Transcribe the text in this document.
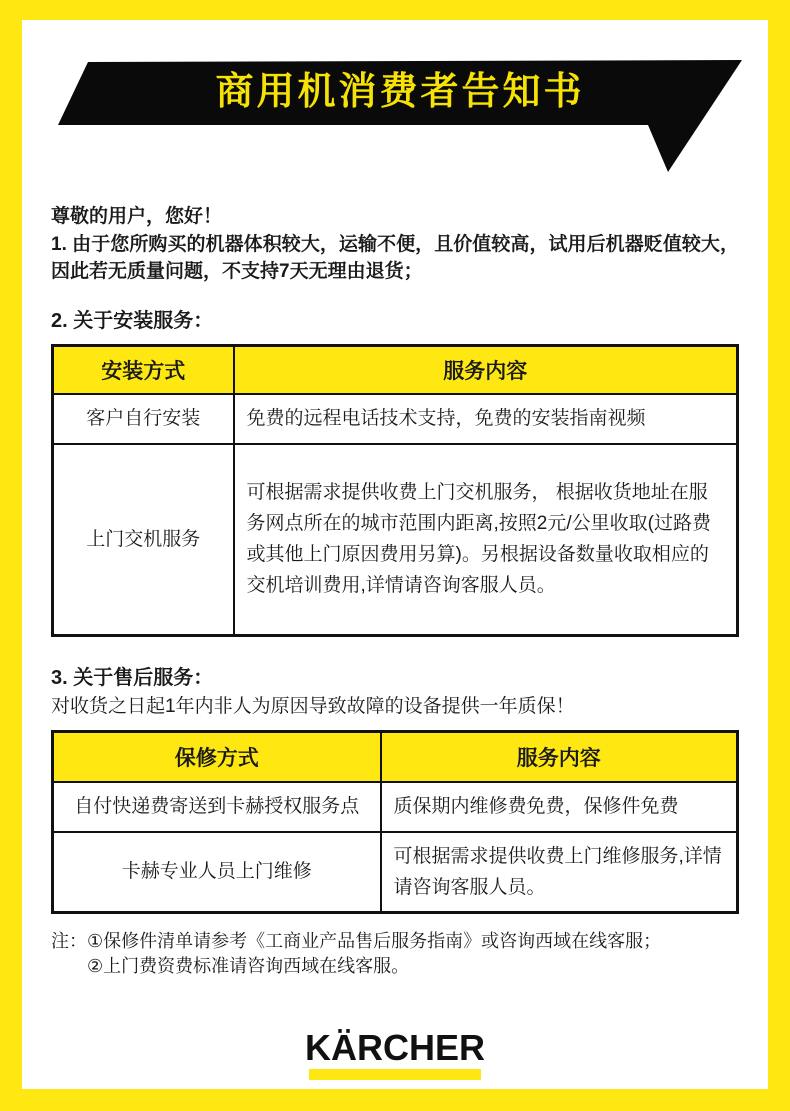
商用机消费者告知书
尊敬的用户，您好！
1. 由于您所购买的机器体积较大，运输不便，且价值较高，试用后机器贬值较大，因此若无质量问题，不支持7天无理由退货；
2. 关于安装服务：
安装方式	服务内容
客户自行安装	免费的远程电话技术支持，免费的安装指南视频
上门交机服务	可根据需求提供收费上门交机服务， 根据收货地址在服务网点所在的城市范围内距离,按照2元/公里收取(过路费或其他上门原因费用另算)。另根据设备数量收取相应的交机培训费用,详情请咨询客服人员。
3. 关于售后服务：
对收货之日起1年内非人为原因导致故障的设备提供一年质保！
保修方式	服务内容
自付快递费寄送到卡赫授权服务点	质保期内维修费免费，保修件免费
卡赫专业人员上门维修	可根据需求提供收费上门维修服务,详情请咨询客服人员。
注： ①保修件清单请参考《工商业产品售后服务指南》或咨询西域在线客服；
②上门费资费标准请咨询西域在线客服。
KÄRCHER
